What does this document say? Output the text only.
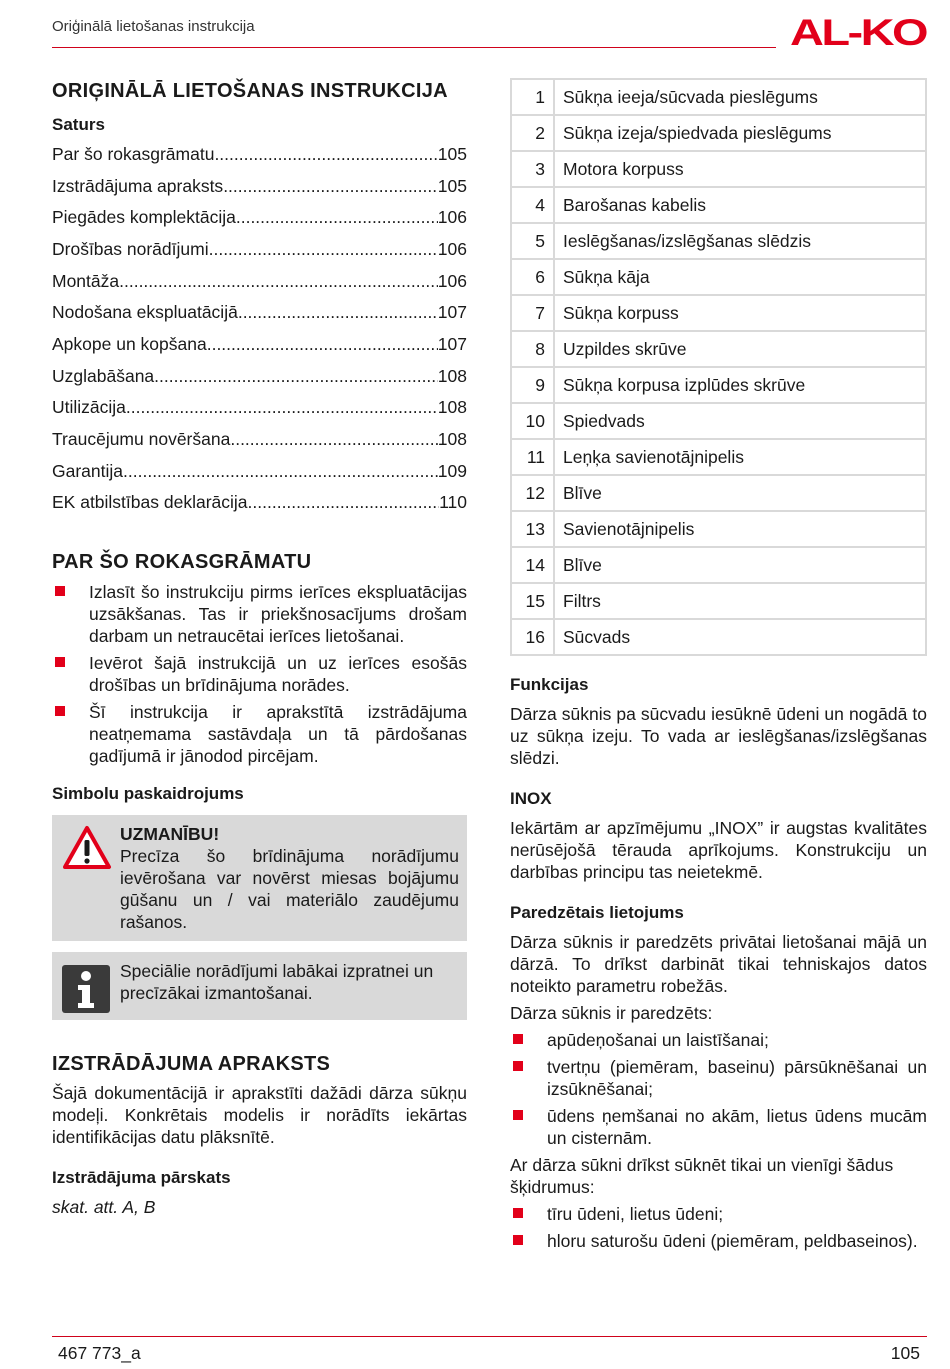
Oriģinālā lietošanas instrukcija	AL‑KO
ORIĢINĀLĀ LIETOŠANAS INSTRUKCIJA
Saturs
Par šo rokasgrāmatu .....	105
Izstrādājuma apraksts .....	105
Piegādes komplektācija .....	106
Drošības norādījumi .....	106
Montāža .....	106
Nodošana ekspluatācijā .....	107
Apkope un kopšana .....	107
Uzglabāšana .....	108
Utilizācija .....	108
Traucējumu novēršana .....	108
Garantija .....	109
EK atbilstības deklarācija .....	110
PAR ŠO ROKASGRĀMATU
Izlasīt šo instrukciju pirms ierīces ekspluatācijas uzsākšanas. Tas ir priekšnosacījums drošam darbam un netraucētai ierīces lietošanai.
Ievērot šajā instrukcijā un uz ierīces esošās drošības un brīdinājuma norādes.
Šī instrukcija ir aprakstītā izstrādājuma neatņemama sastāvdaļa un tā pārdošanas gadījumā ir jānodod pircējam.
Simbolu paskaidrojums
UZMANĪBU!

Precīza šo brīdinājuma norādījumu ievērošana var novērst miesas bojājumu gūšanu un / vai materiālo zaudējumu rašanos.

Speciālie norādījumi labākai izpratnei un precīzākai izmantošanai.

IZSTRĀDĀJUMA APRAKSTS

Šajā dokumentācijā ir aprakstīti dažādi dārza sūkņu modeļi. Konkrētais modelis ir norādīts iekārtas identifikācijas datu plāksnītē.

Izstrādājuma pārskats

skat. att. A, B

1	Sūkņa ieeja/sūcvada pieslēgums
2	Sūkņa izeja/spiedvada pieslēgums
3	Motora korpuss
4	Barošanas kabelis
5	Ieslēgšanas/izslēgšanas slēdzis
6	Sūkņa kāja
7	Sūkņa korpuss
8	Uzpildes skrūve
9	Sūkņa korpusa izplūdes skrūve
10	Spiedvads
11	Leņķa savienotājnipelis
12	Blīve
13	Savienotājnipelis
14	Blīve
15	Filtrs
16	Sūcvads
Funkcijas

Dārza sūknis pa sūcvadu iesūknē ūdeni un nogādā to uz sūkņa izeju. To vada ar ieslēgšanas/izslēgšanas slēdzi.

INOX

Iekārtām ar apzīmējumu „INOX” ir augstas kvalitātes nerūsējošā tērauda aprīkojums. Konstrukciju un darbības principu tas neietekmē.

Paredzētais lietojums

Dārza sūknis ir paredzēts privātai lietošanai mājā un dārzā. To drīkst darbināt tikai tehniskajos datos noteikto parametru robežās.

Dārza sūknis ir paredzēts:

apūdeņošanai un laistīšanai;
tvertņu (piemēram, baseinu) pārsūknēšanai un izsūknēšanai;
ūdens ņemšanai no akām, lietus ūdens mucām un cisternām.

Ar dārza sūkni drīkst sūknēt tikai un vienīgi šādus šķidrumus:

tīru ūdeni, lietus ūdeni;
hloru saturošu ūdeni (piemēram, peldbaseinos).
467 773_a	105
